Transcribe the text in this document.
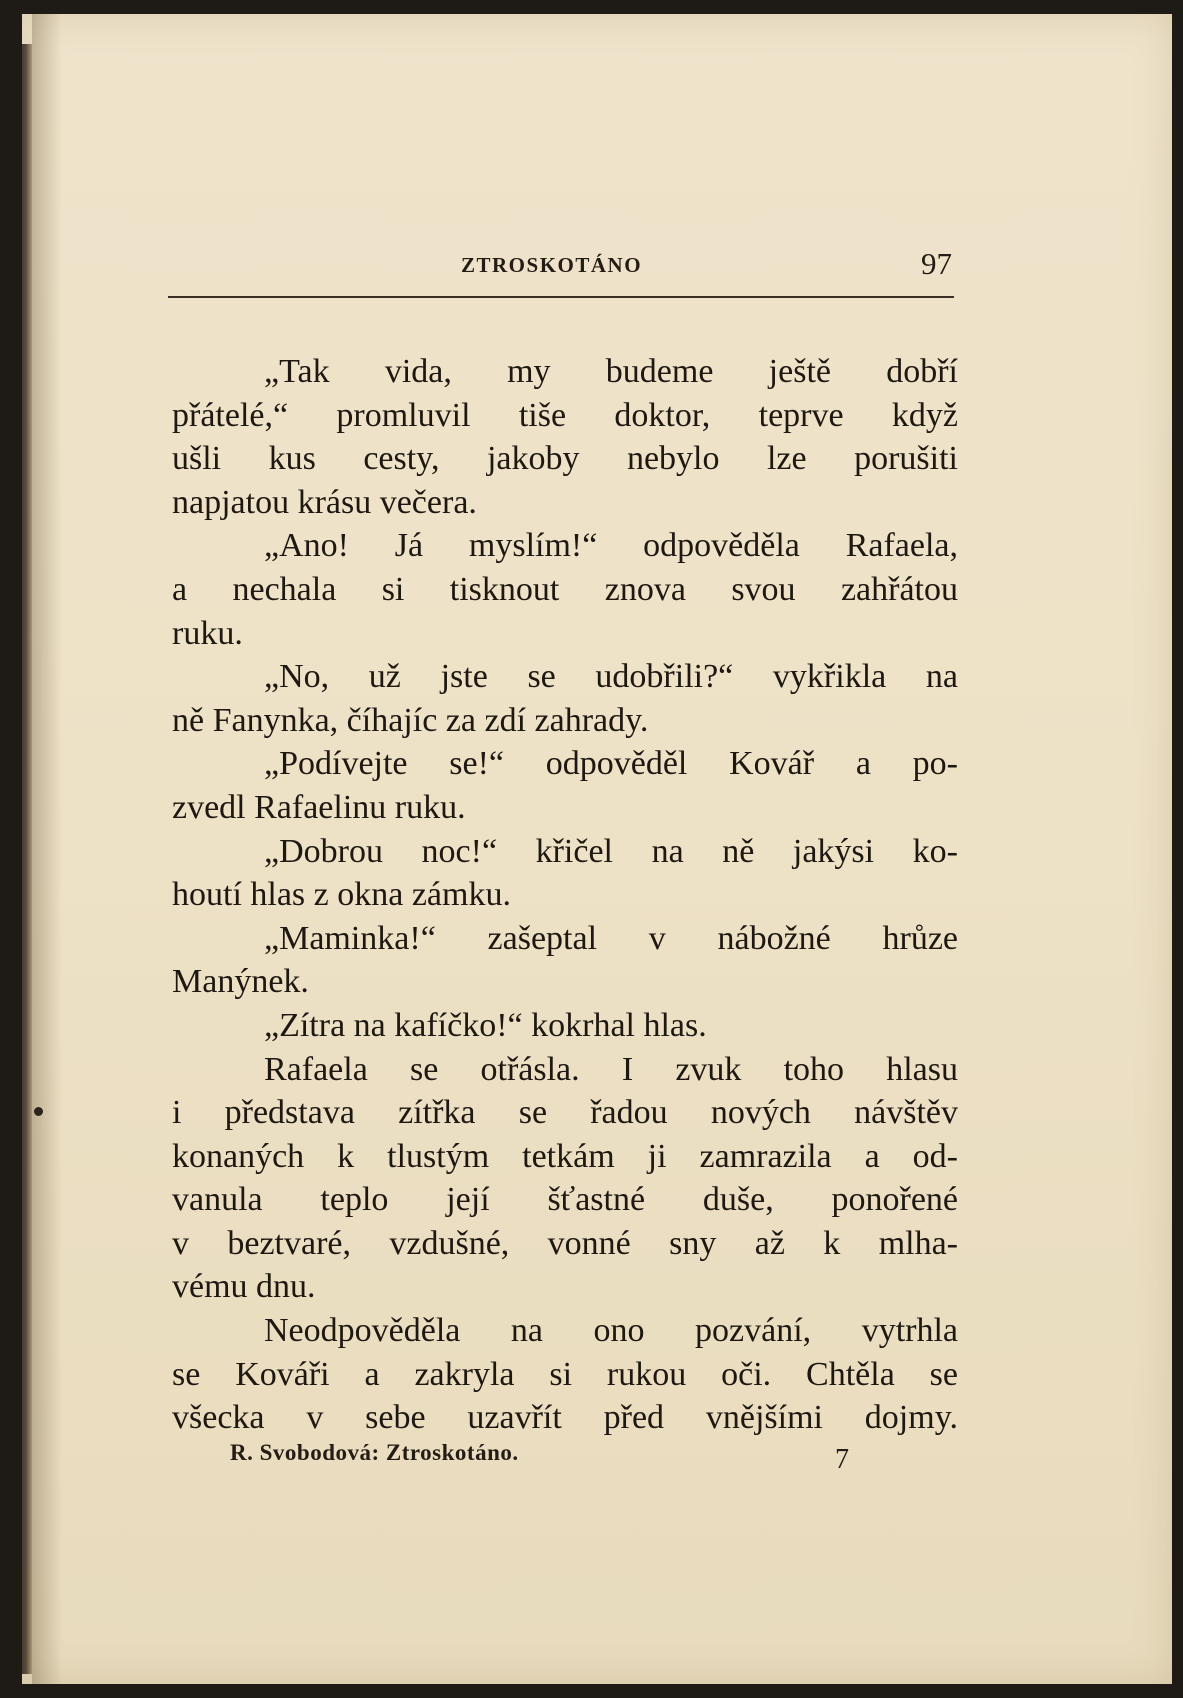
ZTROSKOTÁNO	97
„Tak vida, my budeme ještě dobří
přátelé,“ promluvil tiše doktor, teprve když
ušli kus cesty, jakoby nebylo lze porušiti
napjatou krásu večera.
„Ano! Já myslím!“ odpověděla Rafaela,
a nechala si tisknout znova svou zahřátou
ruku.
„No, už jste se udobřili?“ vykřikla na
ně Fanynka, číhajíc za zdí zahrady.
„Podívejte se!“ odpověděl Kovář a po-
zvedl Rafaelinu ruku.
„Dobrou noc!“ křičel na ně jakýsi ko-
houtí hlas z okna zámku.
„Maminka!“ zašeptal v nábožné hrůze
Manýnek.
„Zítra na kafíčko!“ kokrhal hlas.
Rafaela se otřásla. I zvuk toho hlasu
i představa zítřka se řadou nových návštěv
konaných k tlustým tetkám ji zamrazila a od-
vanula teplo její šťastné duše, ponořené
v beztvaré, vzdušné, vonné sny až k mlha-
vému dnu.
Neodpověděla na ono pozvání, vytrhla
se Kováři a zakryla si rukou oči. Chtěla se
všecka v sebe uzavřít před vnějšími dojmy.
R. Svobodová: Ztroskotáno.	7
